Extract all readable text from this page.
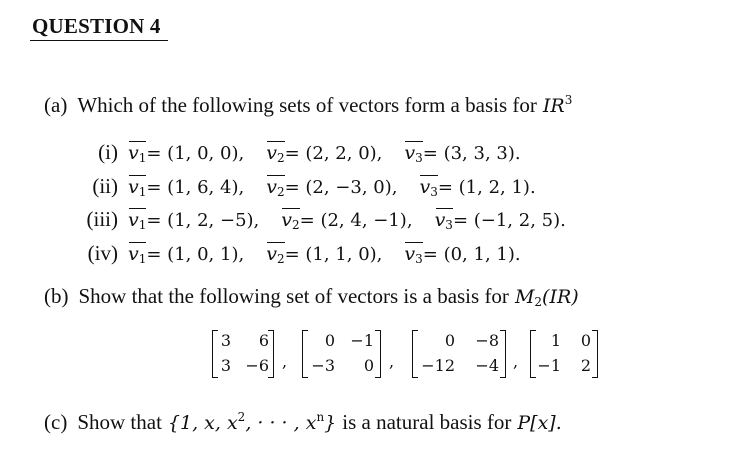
QUESTION 4
(a) Which of the following sets of vectors form a basis for $IR^3$
(i) $v_1 = (1$, 0, 0), $v_2 = (2$, 2, 0), $v_3 = (3$, 3, 3).
(ii) $v_1 = (1$, 6, 4), $v_2 = (2$, −3, 0), $v_3 = (1$, 2, 1).
(iii) $v_1 = (1$, 2, −5), $v_2 = (2$, 4, −1), $v_3 = (-1$, 2, 5).
(iv) $v_1 = (1$, 0, 1), $v_2 = (1$, 1, 0), $v_3 = (0$, 1, 1).
(b) Show that the following set of vectors is a basis for $M_2(IR)$
3	6
3 −6 ,
0 −1
−3	0 ,
0	−8
−12	−4 ,
1	0
−1	2
(c) Show that {1, x, $x^2$, · · · , $x^n$} is a natural basis for P[x].
